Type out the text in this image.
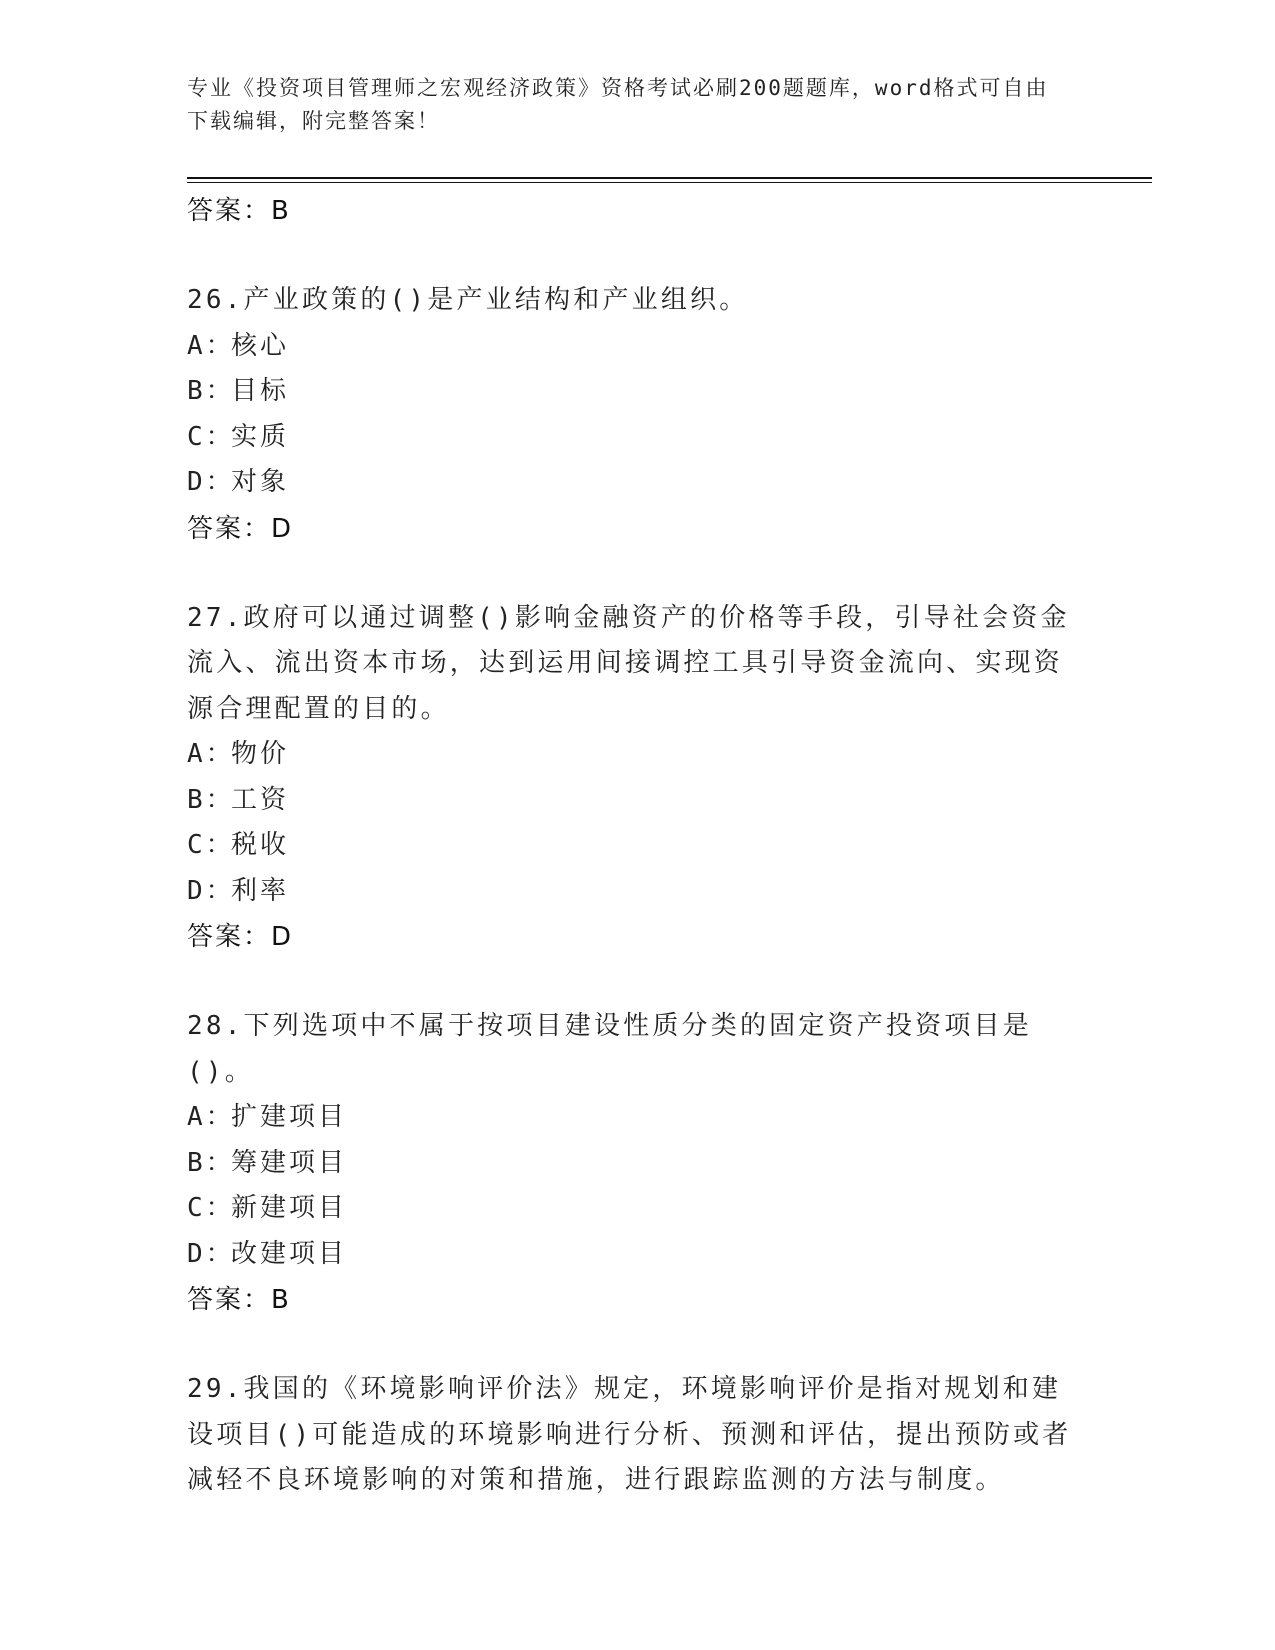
专业《投资项目管理师之宏观经济政策》资格考试必刷200题题库，word格式可自由下载编辑，附完整答案！
答案：B
26.产业政策的()是产业结构和产业组织。
A：核心
B：目标
C：实质
D：对象
答案：D
27.政府可以通过调整()影响金融资产的价格等手段，引导社会资金流入、流出资本市场，达到运用间接调控工具引导资金流向、实现资源合理配置的目的。
A：物价
B：工资
C：税收
D：利率
答案：D
28.下列选项中不属于按项目建设性质分类的固定资产投资项目是()。
A：扩建项目
B：筹建项目
C：新建项目
D：改建项目
答案：B
29.我国的《环境影响评价法》规定，环境影响评价是指对规划和建设项目()可能造成的环境影响进行分析、预测和评估，提出预防或者减轻不良环境影响的对策和措施，进行跟踪监测的方法与制度。
